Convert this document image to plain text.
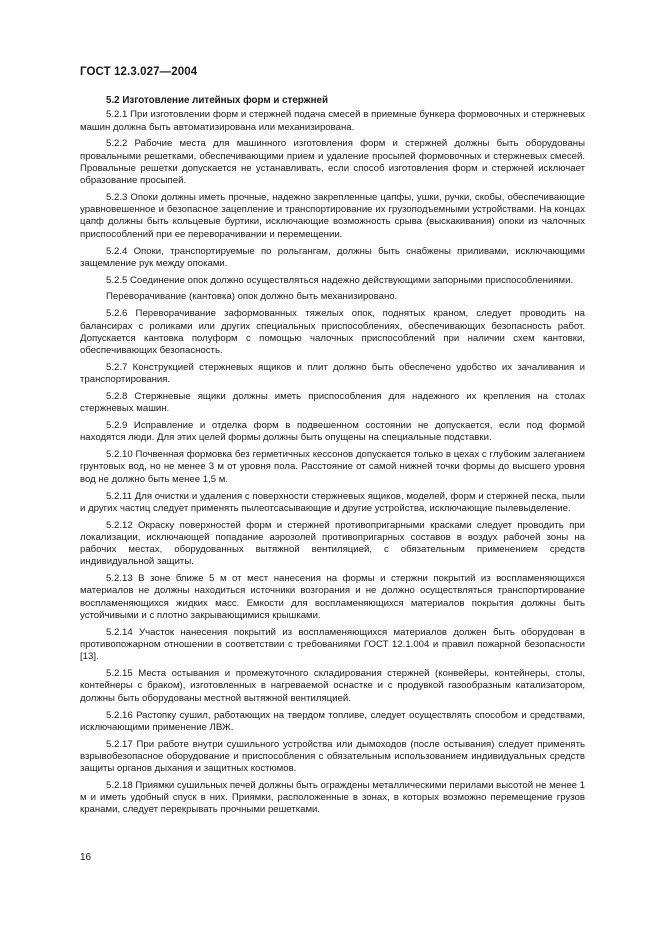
ГОСТ 12.3.027—2004
5.2 Изготовление литейных форм и стержней

5.2.1 При изготовлении форм и стержней подача смесей в приемные бункера формовочных и стержневых машин должна быть автоматизирована или механизирована.

5.2.2 Рабочие места для машинного изготовления форм и стержней должны быть оборудованы провальными решетками, обеспечивающими прием и удаление просыпей формовочных и стержневых смесей. Провальные решетки допускается не устанавливать, если способ изготовления форм и стержней исключает образование просыпей.

5.2.3 Опоки должны иметь прочные, надежно закрепленные цапфы, ушки, ручки, скобы, обеспечивающие уравновешенное и безопасное зацепление и транспортирование их грузоподъемными устройствами. На концах цапф должны быть кольцевые буртики, исключающие возможность срыва (выскакивания) опоки из чалочных приспособлений при ее переворачивании и перемещении.

5.2.4 Опоки, транспортируемые по рольгангам, должны быть снабжены приливами, исключающими защемление рук между опоками.

5.2.5 Соединение опок должно осуществляться надежно действующими запорными приспособлениями.

Переворачивание (кантовка) опок должно быть механизировано.

5.2.6 Переворачивание заформованных тяжелых опок, поднятых краном, следует проводить на балансирах с роликами или других специальных приспособлениях, обеспечивающих безопасность работ. Допускается кантовка полуформ с помощью чалочных приспособлений при наличии схем кантовки, обеспечивающих безопасность.

5.2.7 Конструкцией стержневых ящиков и плит должно быть обеспечено удобство их зачаливания и транспортирования.

5.2.8 Стержневые ящики должны иметь приспособления для надежного их крепления на столах стержневых машин.

5.2.9 Исправление и отделка форм в подвешенном состоянии не допускается, если под формой находятся люди. Для этих целей формы должны быть опущены на специальные подставки.

5.2.10 Почвенная формовка без герметичных кессонов допускается только в цехах с глубоким залеганием грунтовых вод, но не менее 3 м от уровня пола. Расстояние от самой нижней точки формы до высшего уровня вод не должно быть менее 1,5 м.

5.2.11 Для очистки и удаления с поверхности стержневых ящиков, моделей, форм и стержней песка, пыли и других частиц следует применять пылеотсасывающие и другие устройства, исключающие пылевыделение.

5.2.12 Окраску поверхностей форм и стержней противопригарными красками следует проводить при локализации, исключающей попадание аэрозолей противопригарных составов в воздух рабочей зоны на рабочих местах, оборудованных вытяжной вентиляцией, с обязательным применением средств индивидуальной защиты.

5.2.13 В зоне ближе 5 м от мест нанесения на формы и стержни покрытий из воспламеняющихся материалов не должны находиться источники возгорания и не должно осуществляться транспортирование воспламеняющихся жидких масс. Емкости для воспламеняющихся материалов покрытия должны быть устойчивыми и с плотно закрывающимися крышками.

5.2.14 Участок нанесения покрытий из воспламеняющихся материалов должен быть оборудован в противопожарном отношении в соответствии с требованиями ГОСТ 12.1.004 и правил пожарной безопасности [13].

5.2.15 Места остывания и промежуточного складирования стержней (конвейеры, контейнеры, столы, контейнеры с браком), изготовленных в нагреваемой оснастке и с продувкой газообразным катализатором, должны быть оборудованы местной вытяжной вентиляцией.

5.2.16 Растопку сушил, работающих на твердом топливе, следует осуществлять способом и средствами, исключающими применение ЛВЖ.

5.2.17 При работе внутри сушильного устройства или дымоходов (после остывания) следует применять взрывобезопасное оборудование и приспособления с обязательным использованием индивидуальных средств защиты органов дыхания и защитных костюмов.

5.2.18 Приямки сушильных печей должны быть ограждены металлическими перилами высотой не менее 1 м и иметь удобный спуск в них. Приямки, расположенные в зонах, в которых возможно перемещение грузов кранами, следует перекрывать прочными решетками.

16
